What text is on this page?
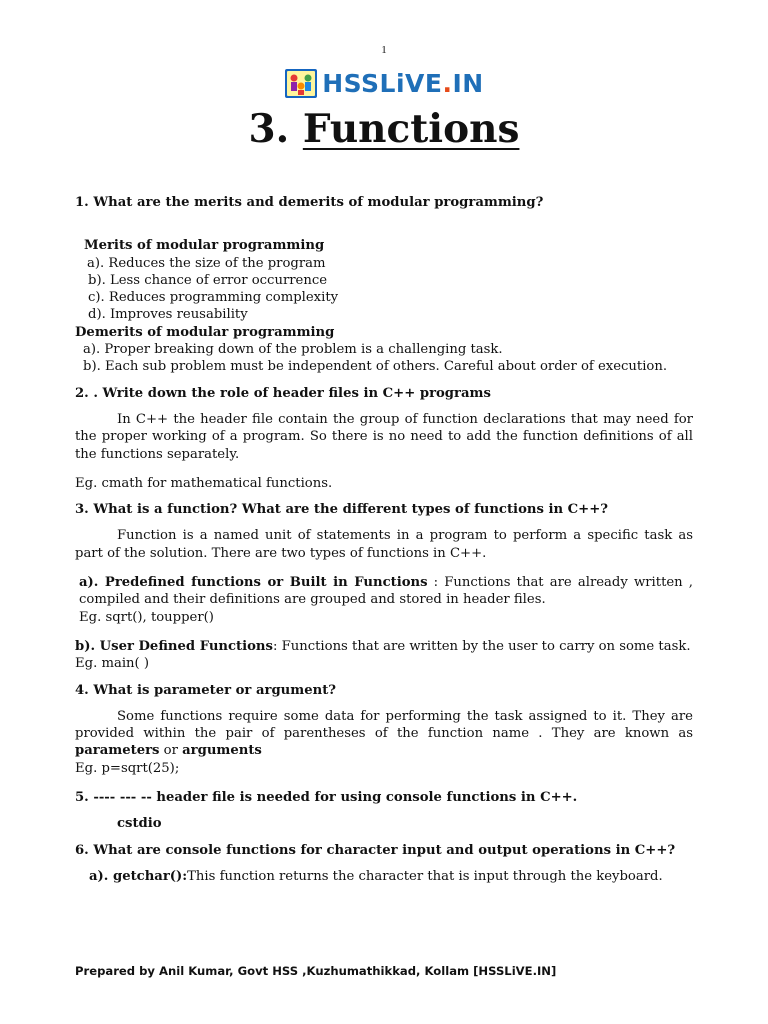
1
HSSLiVE.IN
3. Functions

1. What are the merits and demerits of modular programming?

Merits of modular programming

a). Reduces the size of the program

b). Less chance of error occurrence

c). Reduces programming complexity

d). Improves reusability

Demerits of modular programming

a). Proper breaking down of the problem is a challenging task.

b). Each sub problem must be independent of others. Careful about order of execution.

2. . Write down the role of header files in C++ programs

In C++ the header file contain the group of function declarations that may need for the proper working of a program. So there is no need to add the function definitions of all the functions separately.

Eg. cmath for mathematical functions.

3. What is a function? What are the different types of functions in C++?

Function is a named unit of statements in a program to perform a specific task as part of the solution. There are two types of functions in C++.

a). Predefined functions or Built in Functions : Functions that are already written , compiled and their definitions are grouped and stored in header files.

Eg. sqrt(), toupper()

b). User Defined Functions: Functions that are written by the user to carry on some task.

Eg. main( )

4. What is parameter or argument?

Some functions require some data for performing the task assigned to it. They are provided within the pair of parentheses of the function name . They are known as parameters or arguments

Eg. p=sqrt(25);

5. ---- --- -- header file is needed for using console functions in C++.

cstdio

6. What are console functions for character input and output operations in C++?

a). getchar():This function returns the character that is input through the keyboard.

Prepared by Anil Kumar, Govt HSS ,Kuzhumathikkad, Kollam [HSSLiVE.IN]
